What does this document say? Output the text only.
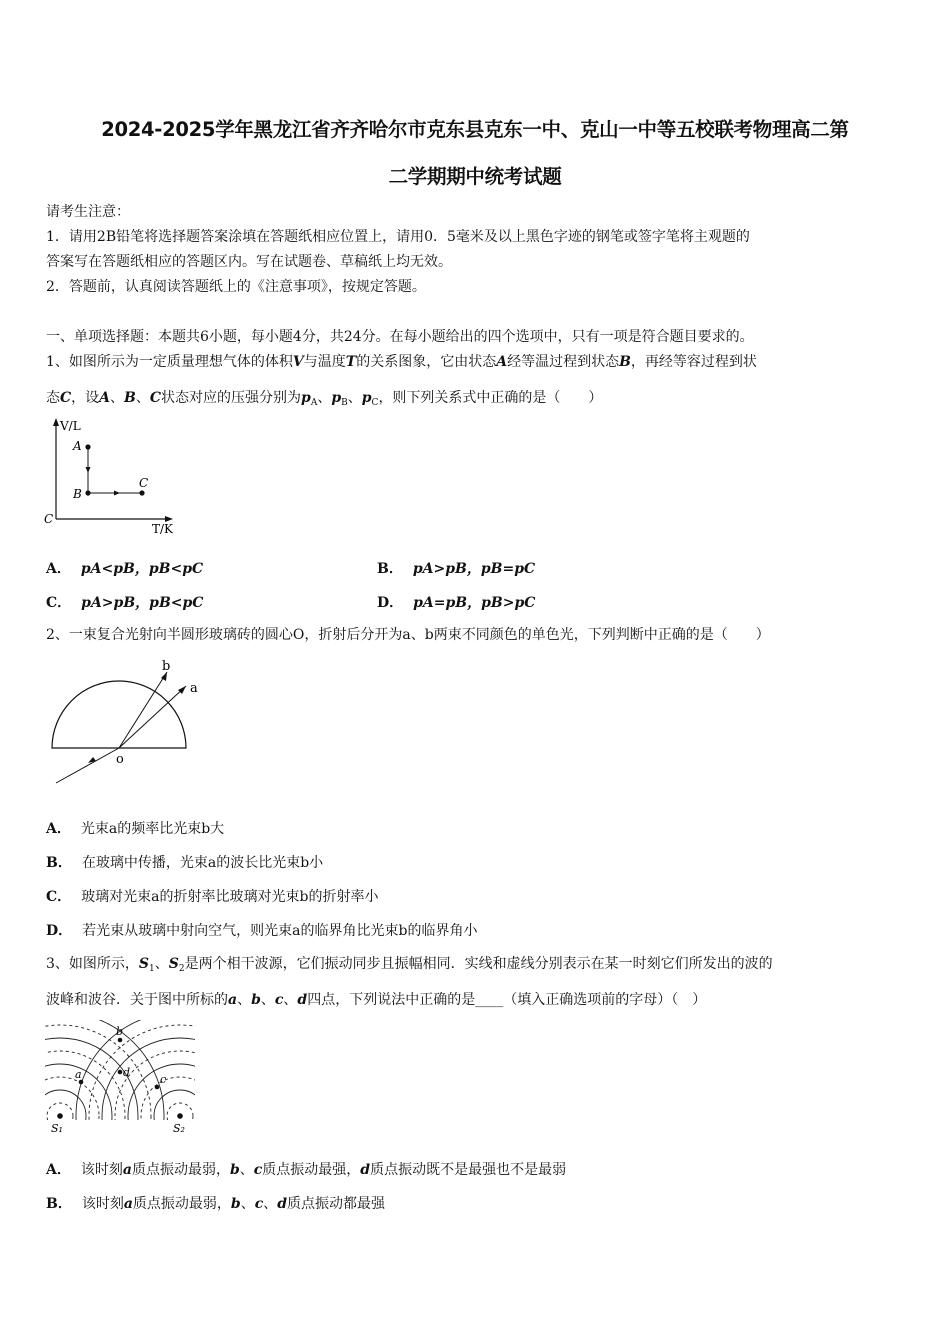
2024-2025学年黑龙江省齐齐哈尔市克东县克东一中、克山一中等五校联考物理高二第
二学期期中统考试题
请考生注意：
1．请用2B铅笔将选择题答案涂填在答题纸相应位置上，请用0．5毫米及以上黑色字迹的钢笔或签字笔将主观题的
答案写在答题纸相应的答题区内。写在试题卷、草稿纸上均无效。
2．答题前，认真阅读答题纸上的《注意事项》，按规定答题。
一、单项选择题：本题共6小题，每小题4分，共24分。在每小题给出的四个选项中，只有一项是符合题目要求的。
1、如图所示为一定质量理想气体的体积V与温度T的关系图象，它由状态A经等温过程到状态B，再经等容过程到状
态C，设A、B、C状态对应的压强分别为$p_A$、$p_B$、$p_C$，则下列关系式中正确的是（　　）
V/L
T/K
C
A
B
C
A． pA<pB，pB<pC	B． pA>pB，pB=pC
C． pA>pB，pB<pC	D． pA=pB，pB>pC
2、一束复合光射向半圆形玻璃砖的圆心O，折射后分开为a、b两束不同颜色的单色光，下列判断中正确的是（　　）
b
a
o
A． 光束a的频率比光束b大
B． 在玻璃中传播，光束a的波长比光束b小
C． 玻璃对光束a的折射率比玻璃对光束b的折射率小
D． 若光束从玻璃中射向空气，则光束a的临界角比光束b的临界角小
3、如图所示，$S_1$、$S_2$是两个相干波源，它们振动同步且振幅相同．实线和虚线分别表示在某一时刻它们所发出的波的
波峰和波谷．关于图中所标的a、b、c、d四点，下列说法中正确的是____（填入正确选项前的字母）（　）
a
b
c
d
S₁	S₂
A． 该时刻a质点振动最弱，b、c质点振动最强，d质点振动既不是最强也不是最弱
B． 该时刻a质点振动最弱，b、c、d质点振动都最强
